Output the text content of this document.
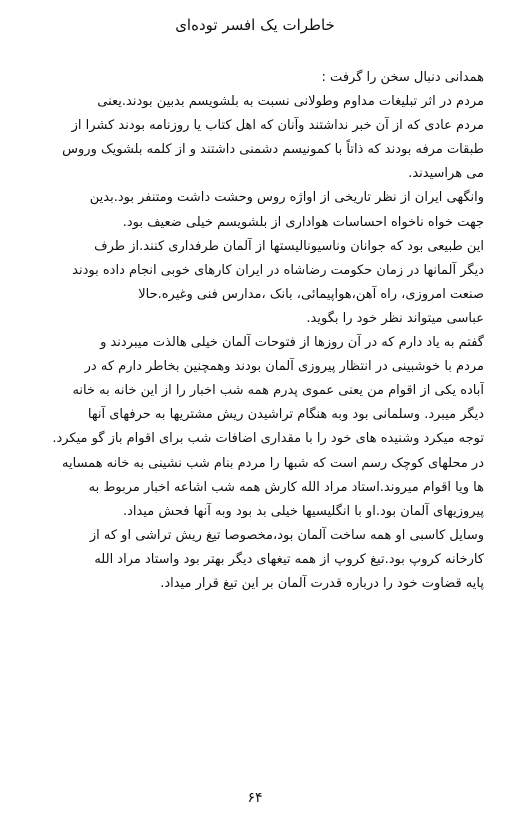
خاطرات یک افسر توده‌ای

همدانی دنبال سخن را گرفت :

مردم در اثر تبلیغات مداوم وطولانی نسبت به بلشویسم بدبین بودند.یعنی

مردم عادی که از آن خبر نداشتند وآنان که اهل کتاب یا روزنامه بودند کشرا از

طبقات مرفه بودند که ذاتاً با کمونیسم دشمنی داشتند و از کلمه بلشویک وروس

می هراسیدند.

وانگهی ایران از نظر تاریخی از اواژه روس وحشت داشت ومتنفر بود.بدین

جهت خواه ناخواه احساسات هواداری از بلشویسم خیلی ضعیف بود.

این طبیعی بود که جوانان وناسیونالیستها از آلمان طرفداری کنند.از طرف

دیگر آلمانها در زمان حکومت رضاشاه در ایران کارهای خوبی انجام داده بودند

صنعت امروزی، راه آهن،هواپیمائی، بانک ،مدارس فنی وغیره.حالا

عباسی میتواند نظر خود را بگوید.

گفتم به یاد دارم که در آن روزها از فتوحات آلمان خیلی هالذت میبردند و

مردم با خوشبینی در انتظار پیروزی آلمان بودند وهمچنین بخاطر دارم که در

آباده یکی از اقوام من یعنی عموی پدرم همه شب اخبار را از این خانه به خانه

دیگر میبرد. وسلمانی بود وبه هنگام تراشیدن ریش مشتریها به حرفهای آنها

توجه میکرد وشنیده های خود را با مقداری اضافات شب برای اقوام باز گو میکرد.

در محلهای کوچک رسم است که شبها را مردم بنام شب نشینی به خانه همسایه

ها ویا اقوام میروند.استاد مراد الله کارش همه شب اشاعه اخبار مربوط به

پیروزیهای آلمان بود.او با انگلیسیها خیلی بد بود وبه آنها فحش میداد.

وسایل کاسبی او همه ساخت آلمان بود،مخصوصا تیغ ریش تراشی او که از

کارخانه کروپ بود.تیغ کروپ از همه تیغهای دیگر بهتر بود واستاد مراد الله

پایه قضاوت خود را درباره قدرت آلمان بر این تیغ قرار میداد.

۶۴
